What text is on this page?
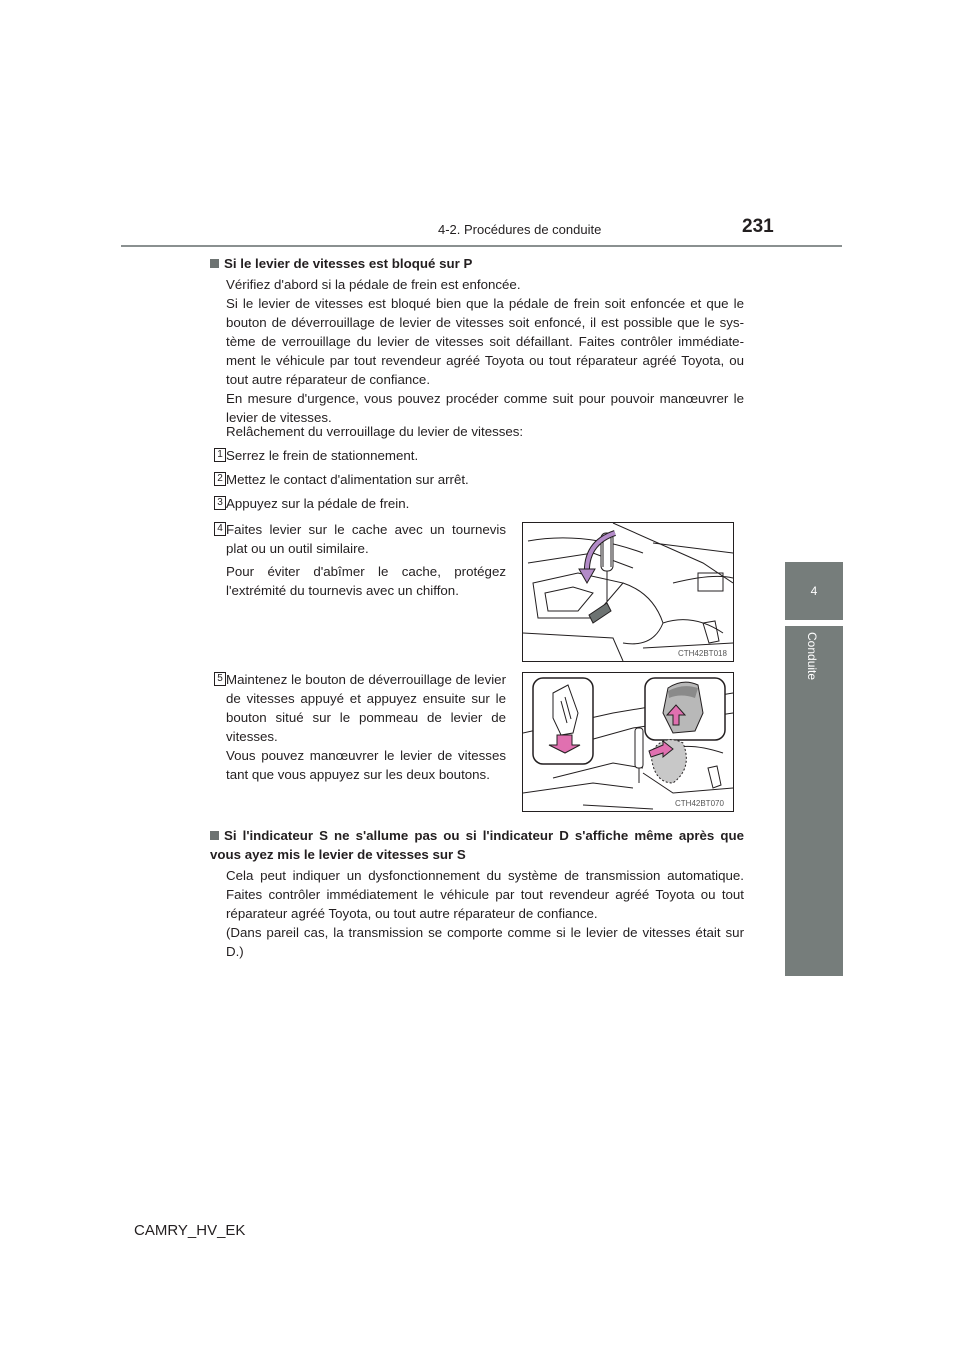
4-2. Procédures de conduite	231
4
Conduite
Si le levier de vitesses est bloqué sur P
Vérifiez d'abord si la pédale de frein est enfoncée.
Si le levier de vitesses est bloqué bien que la pédale de frein soit enfoncée et que le bouton de déverrouillage de levier de vitesses soit enfoncé, il est possible que le sys-tème de verrouillage du levier de vitesses soit défaillant. Faites contrôler immédiate-ment le véhicule par tout revendeur agréé Toyota ou tout réparateur agréé Toyota, ou tout autre réparateur de confiance.
En mesure d'urgence, vous pouvez procéder comme suit pour pouvoir manœuvrer le levier de vitesses.
Relâchement du verrouillage du levier de vitesses:
1 Serrez le frein de stationnement.
2 Mettez le contact d'alimentation sur arrêt.
3 Appuyez sur la pédale de frein.
4 Faites levier sur le cache avec un tournevis plat ou un outil similaire.
Pour éviter d'abîmer le cache, protégez l'extrémité du tournevis avec un chiffon.
CTH42BT018
5 Maintenez le bouton de déverrouillage de levier de vitesses appuyé et appuyez ensuite sur le bouton situé sur le pommeau de levier de vitesses.
Vous pouvez manœuvrer le levier de vitesses tant que vous appuyez sur les deux boutons.
CTH42BT070
Si l'indicateur S ne s'allume pas ou si l'indicateur D s'affiche même après que vous ayez mis le levier de vitesses sur S
Cela peut indiquer un dysfonctionnement du système de transmission automatique. Faites contrôler immédiatement le véhicule par tout revendeur agréé Toyota ou tout réparateur agréé Toyota, ou tout autre réparateur de confiance.
(Dans pareil cas, la transmission se comporte comme si le levier de vitesses était sur D.)
CAMRY_HV_EK
